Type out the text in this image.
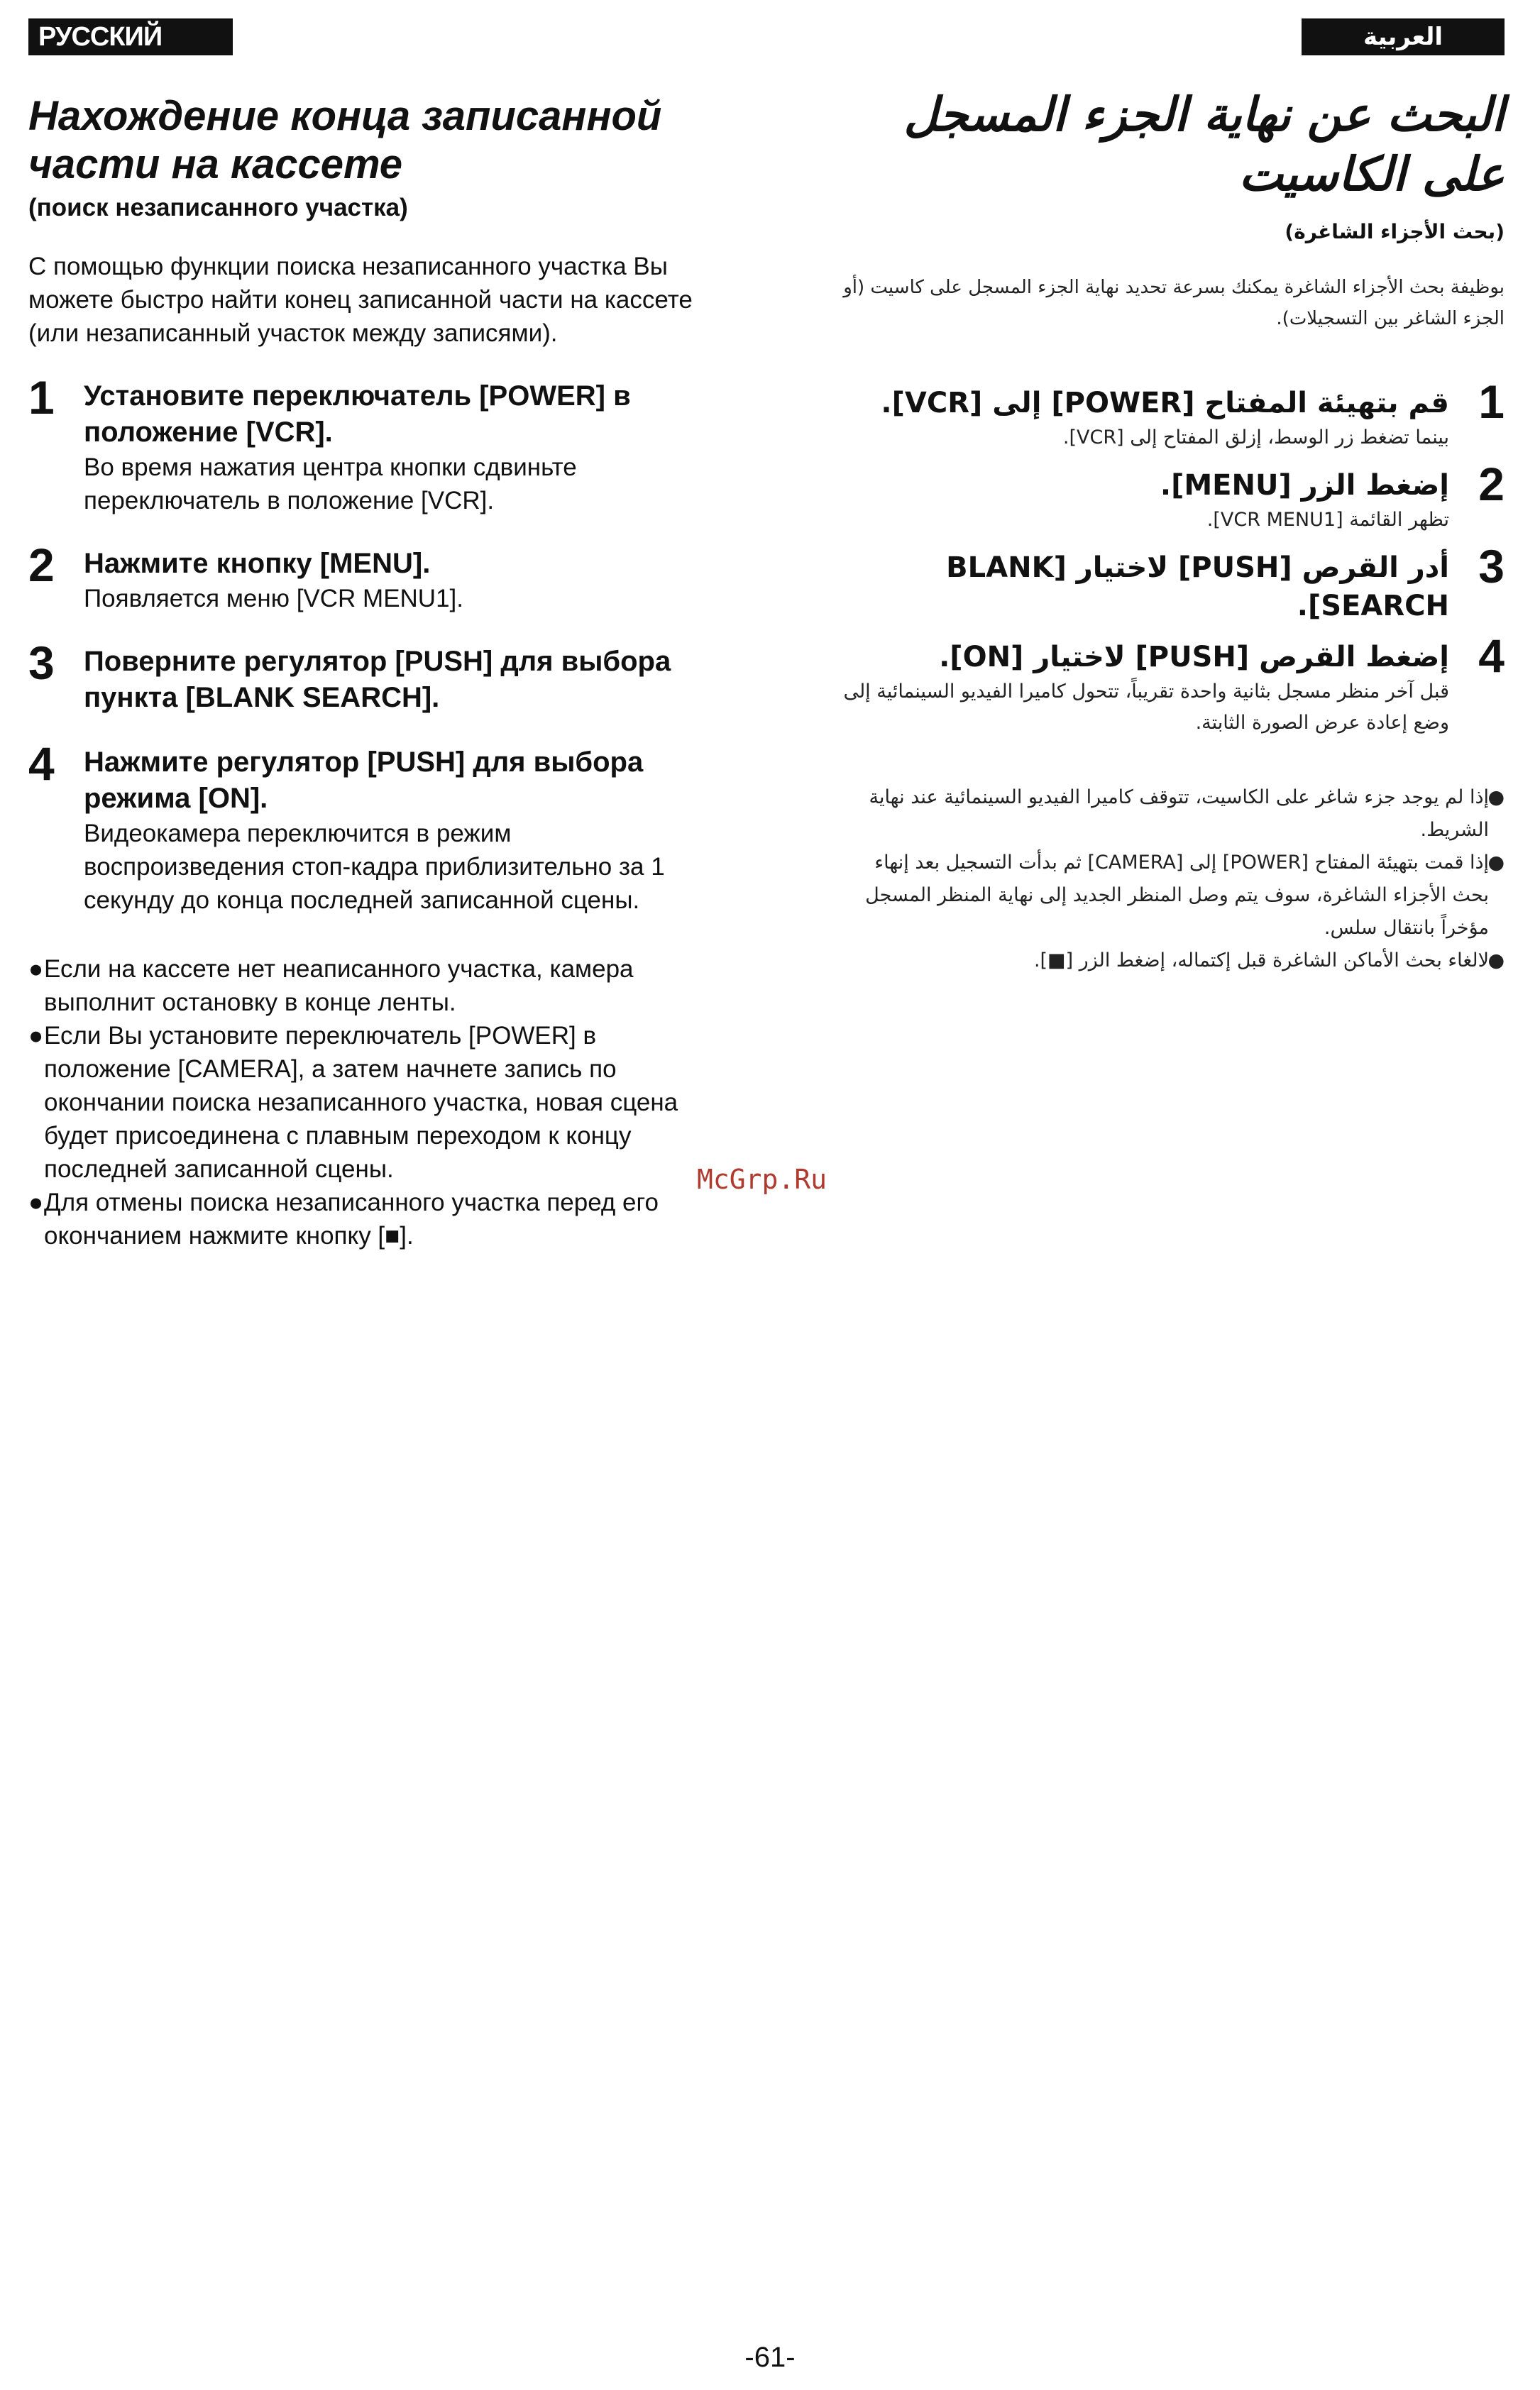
РУССКИЙ ЯЗЫК
العربية
Нахождение конца записанной части на кассете
(поиск незаписанного участка)
С помощью функции поиска незаписанного участка Вы можете быстро найти конец записанной части на кассете (или незаписанный участок между записями).
1 Установите переключатель [POWER] в положение [VCR].
Во время нажатия центра кнопки сдвиньте переключатель в положение [VCR].
2 Нажмите кнопку [MENU].
Появляется меню [VCR MENU1].
3 Поверните регулятор [PUSH] для выбора пункта [BLANK SEARCH].
4 Нажмите регулятор [PUSH] для выбора режима [ON].
Видеокамера переключится в режим воспроизведения стоп-кадра приблизительно за 1 секунду до конца последней записанной сцены.
● Если на кассете нет неаписанного участка, камера выполнит остановку в конце ленты.
● Если Вы установите переключатель [POWER] в положение [CAMERA], а затем начнете запись по окончании поиска незаписанного участка, новая сцена будет присоединена с плавным переходом к концу последней записанной сцены.
● Для отмены поиска незаписанного участка перед его окончанием нажмите кнопку [■].
البحث عن نهاية الجزء المسجل على الكاسيت
(بحث الأجزاء الشاغرة)
بوظيفة بحث الأجزاء الشاغرة يمكنك بسرعة تحديد نهاية الجزء المسجل على كاسيت (أو الجزء الشاغر بين التسجيلات).
1
قم بتهيئة المفتاح [POWER] إلى [VCR].
بينما تضغط زر الوسط، إزلق المفتاح إلى [VCR].
2
إضغط الزر [MENU].
تظهر القائمة [VCR MENU1].
3
أدر القرص [PUSH] لاختيار [BLANK SEARCH].
4
إضغط القرص [PUSH] لاختيار [ON].
قبل آخر منظر مسجل بثانية واحدة تقريباً، تتحول كاميرا الفيديو السينمائية إلى وضع إعادة عرض الصورة الثابتة.
●
إذا لم يوجد جزء شاغر على الكاسيت، تتوقف كاميرا الفيديو السينمائية عند نهاية الشريط.
●
إذا قمت بتهيئة المفتاح [POWER] إلى [CAMERA] ثم بدأت التسجيل بعد إنهاء بحث الأجزاء الشاغرة، سوف يتم وصل المنظر الجديد إلى نهاية المنظر المسجل مؤخراً بانتقال سلس.
●
لالغاء بحث الأماكن الشاغرة قبل إكتماله، إضغط الزر [■].
McGrp.Ru
-61-
